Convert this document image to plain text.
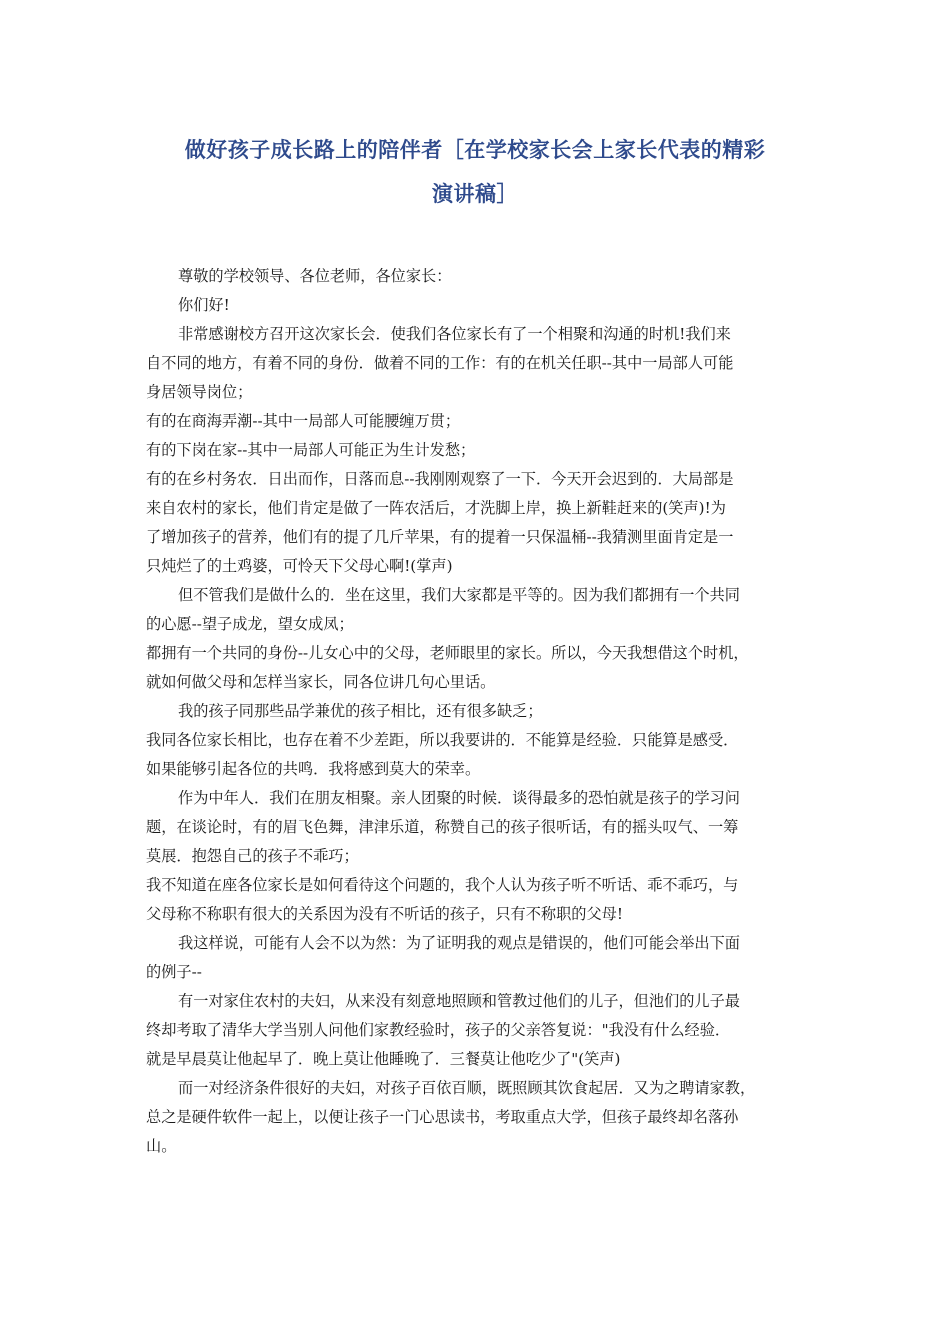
做好孩子成长路上的陪伴者［在学校家长会上家长代表的精彩
演讲稿］

尊敬的学校领导、各位老师，各位家长：

你们好!

非常感谢校方召开这次家长会．使我们各位家长有了一个相聚和沟通的时机!我们来

自不同的地方，有着不同的身份．做着不同的工作：有的在机关任职--其中一局部人可能

身居领导岗位；

有的在商海弄潮--其中一局部人可能腰缠万贯；

有的下岗在家--其中一局部人可能正为生计发愁；

有的在乡村务农．日出而作，日落而息--我刚刚观察了一下．今天开会迟到的．大局部是

来自农村的家长，他们肯定是做了一阵农活后，才洗脚上岸，换上新鞋赶来的(笑声)!为

了增加孩子的营养，他们有的提了几斤苹果，有的提着一只保温桶--我猜测里面肯定是一

只炖烂了的土鸡婆，可怜天下父母心啊!(掌声)

但不管我们是做什么的．坐在这里，我们大家都是平等的。因为我们都拥有一个共同

的心愿--望子成龙，望女成凤；

都拥有一个共同的身份--儿女心中的父母，老师眼里的家长。所以，今天我想借这个时机，

就如何做父母和怎样当家长，同各位讲几句心里话。

我的孩子同那些品学兼优的孩子相比，还有很多缺乏；

我同各位家长相比，也存在着不少差距，所以我要讲的．不能算是经验．只能算是感受．

如果能够引起各位的共鸣．我将感到莫大的荣幸。

作为中年人．我们在朋友相聚。亲人团聚的时候．谈得最多的恐怕就是孩子的学习问

题，在谈论时，有的眉飞色舞，津津乐道，称赞自己的孩子很听话，有的摇头叹气、一筹

莫展．抱怨自己的孩子不乖巧；

我不知道在座各位家长是如何看待这个问题的，我个人认为孩子听不听话、乖不乖巧，与

父母称不称职有很大的关系因为没有不听话的孩子，只有不称职的父母!

我这样说，可能有人会不以为然：为了证明我的观点是错误的，他们可能会举出下面

的例子--

有一对家住农村的夫妇，从来没有刻意地照顾和管教过他们的儿子，但池们的儿子最

终却考取了清华大学当别人问他们家教经验时，孩子的父亲答复说："我没有什么经验．

就是早晨莫让他起早了．晚上莫让他睡晚了．三餐莫让他吃少了"(笑声)

而一对经济条件很好的夫妇，对孩子百依百顺，既照顾其饮食起居．又为之聘请家教，

总之是硬件软件一起上，以便让孩子一门心思读书，考取重点大学，但孩子最终却名落孙

山。
